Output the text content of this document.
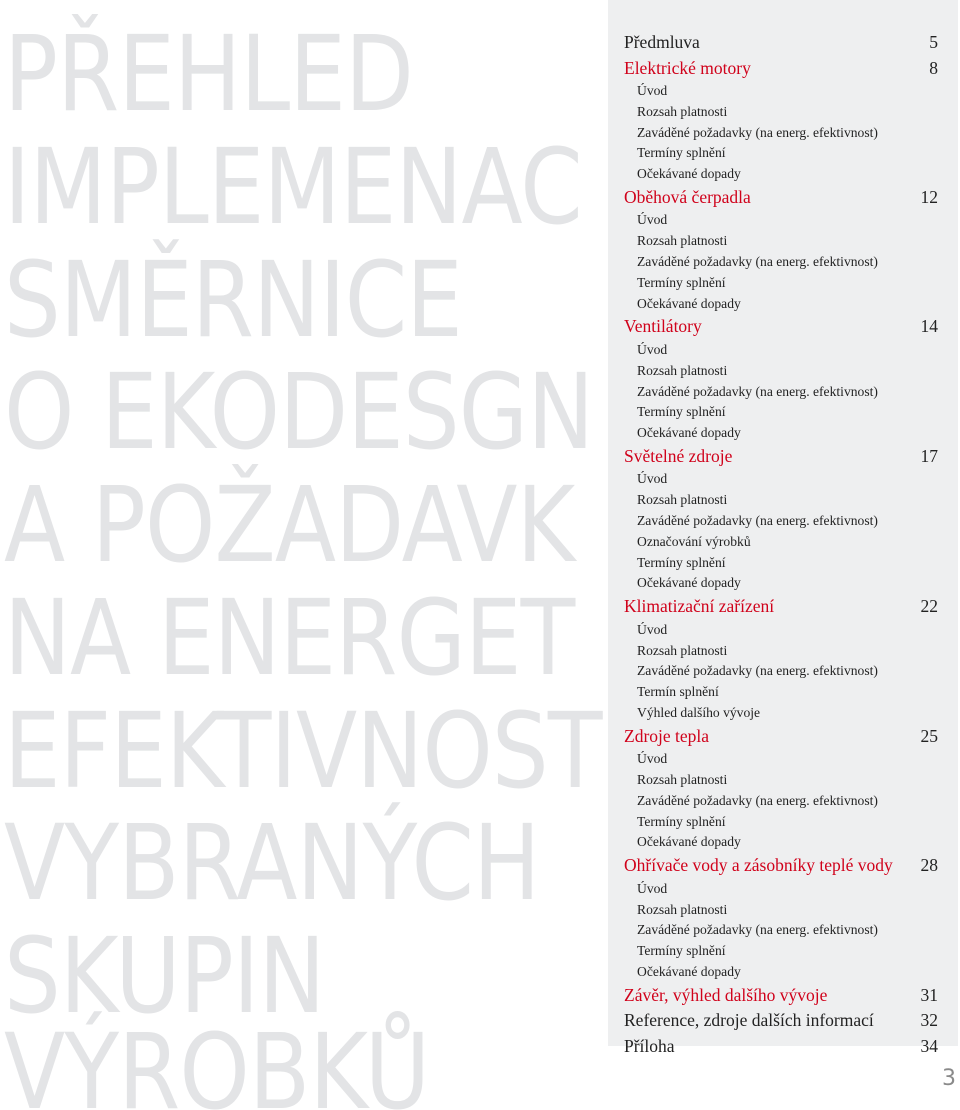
PŘEHLED
IMPLEMENAC
SMĚRNICE
O EKODESGN
A POŽADAVK
NA ENERGET
EFEKTIVNOST
VYBRANÝCH
SKUPIN
VÝROBKŮ
Předmluva	5
Elektrické motory	8
Úvod
Rozsah platnosti
Zaváděné požadavky (na energ. efektivnost)
Termíny splnění
Očekávané dopady
Oběhová čerpadla	12
Úvod
Rozsah platnosti
Zaváděné požadavky (na energ. efektivnost)
Termíny splnění
Očekávané dopady
Ventilátory	14
Úvod
Rozsah platnosti
Zaváděné požadavky (na energ. efektivnost)
Termíny splnění
Očekávané dopady
Světelné zdroje	17
Úvod
Rozsah platnosti
Zaváděné požadavky (na energ. efektivnost)
Označování výrobků
Termíny splnění
Očekávané dopady
Klimatizační zařízení	22
Úvod
Rozsah platnosti
Zaváděné požadavky (na energ. efektivnost)
Termín splnění
Výhled dalšího vývoje
Zdroje tepla	25
Úvod
Rozsah platnosti
Zaváděné požadavky (na energ. efektivnost)
Termíny splnění
Očekávané dopady
Ohřívače vody a zásobníky teplé vody 28
Úvod
Rozsah platnosti
Zaváděné požadavky (na energ. efektivnost)
Termíny splnění
Očekávané dopady
Závěr, výhled dalšího vývoje	31
Reference, zdroje dalších informací	32
Příloha	34
3
